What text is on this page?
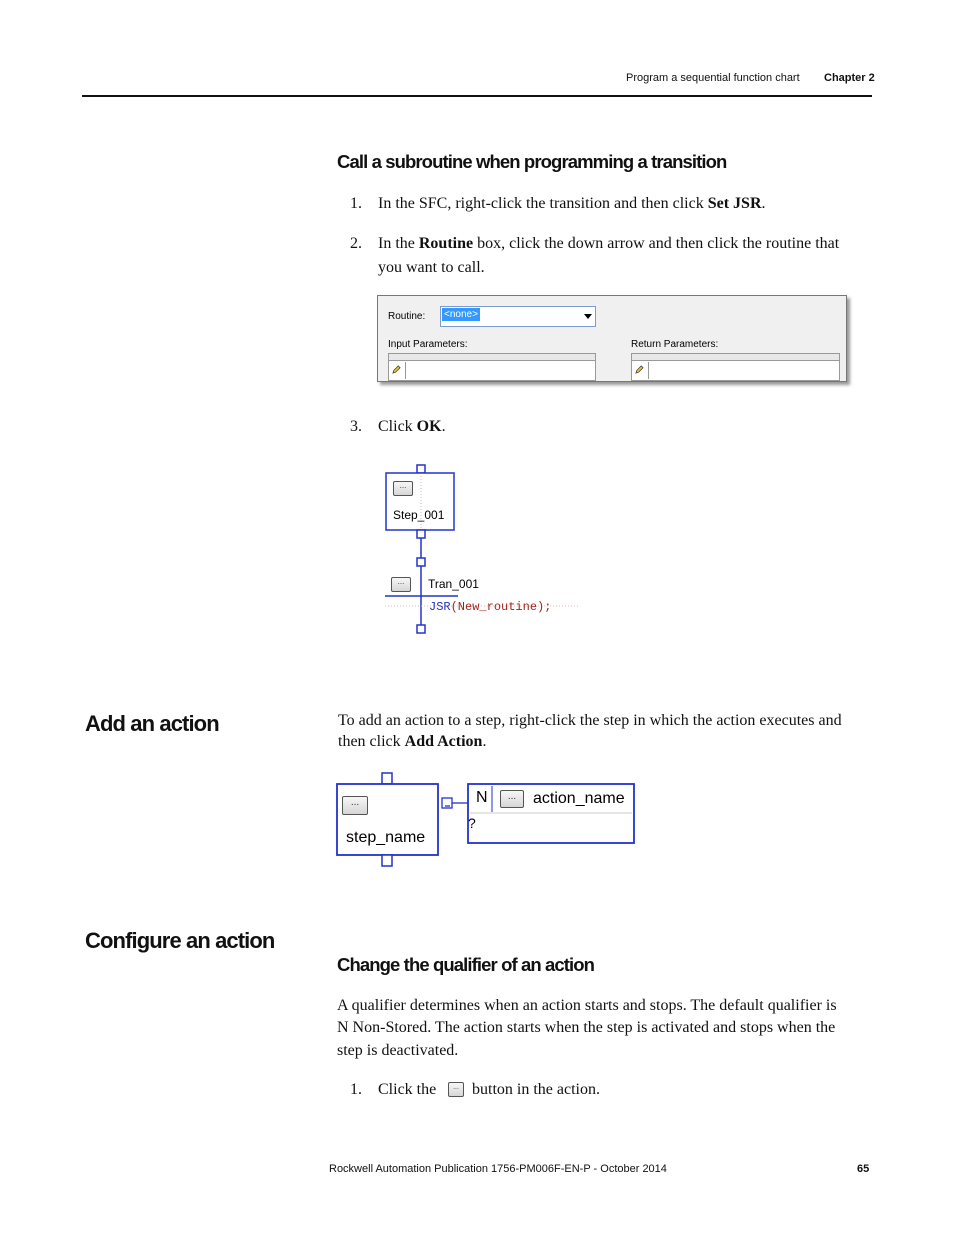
Program a sequential function chart Chapter 2
Call a subroutine when programming a transition
1. In the SFC, right-click the transition and then click Set JSR.
2. In the Routine box, click the down arrow and then click the routine that
you want to call.
Routine: <none>
Input Parameters:	Return Parameters:
3. Click OK.
...
Step_001
...	Tran_001
JSR(New_routine);
Add an action	To add an action to a step, right-click the step in which the action executes and
then click Add Action.
...
step_name
N	...	action_name
?
Configure an action
Change the qualifier of an action
A qualifier determines when an action starts and stops. The default qualifier is
N Non-Stored. The action starts when the step is activated and stops when the
step is deactivated.
1. Click the	... button in the action.
Rockwell Automation Publication 1756-PM006F-EN-P - October 2014	65
